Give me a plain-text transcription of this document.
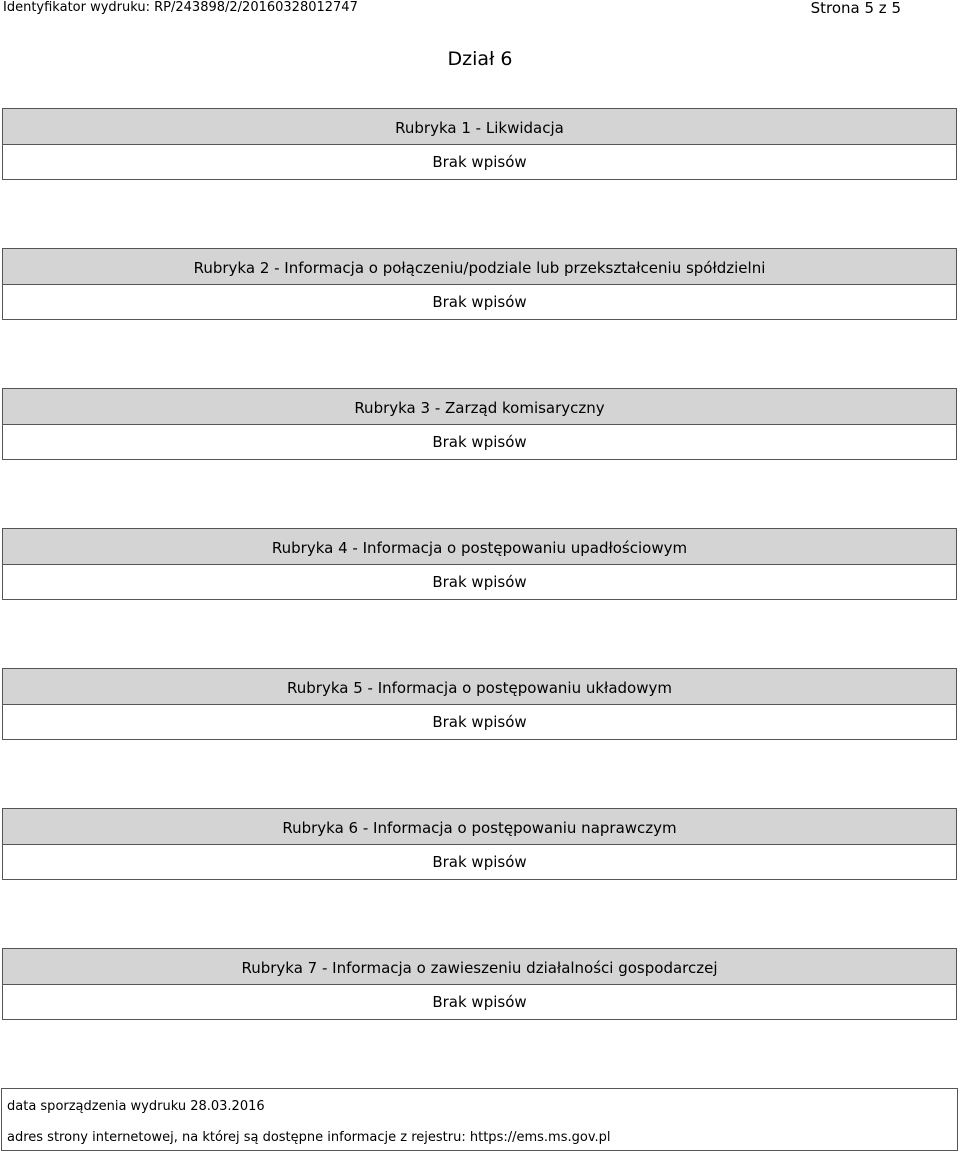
Identyfikator wydruku: RP/243898/2/20160328012747	Strona 5 z 5
Dział 6
Rubryka 1 - Likwidacja
Brak wpisów
Rubryka 2 - Informacja o połączeniu/podziale lub przekształceniu spółdzielni
Brak wpisów
Rubryka 3 - Zarząd komisaryczny
Brak wpisów
Rubryka 4 - Informacja o postępowaniu upadłościowym
Brak wpisów
Rubryka 5 - Informacja o postępowaniu układowym
Brak wpisów
Rubryka 6 - Informacja o postępowaniu naprawczym
Brak wpisów
Rubryka 7 - Informacja o zawieszeniu działalności gospodarczej
Brak wpisów
data sporządzenia wydruku 28.03.2016
adres strony internetowej, na której są dostępne informacje z rejestru: https://ems.ms.gov.pl
